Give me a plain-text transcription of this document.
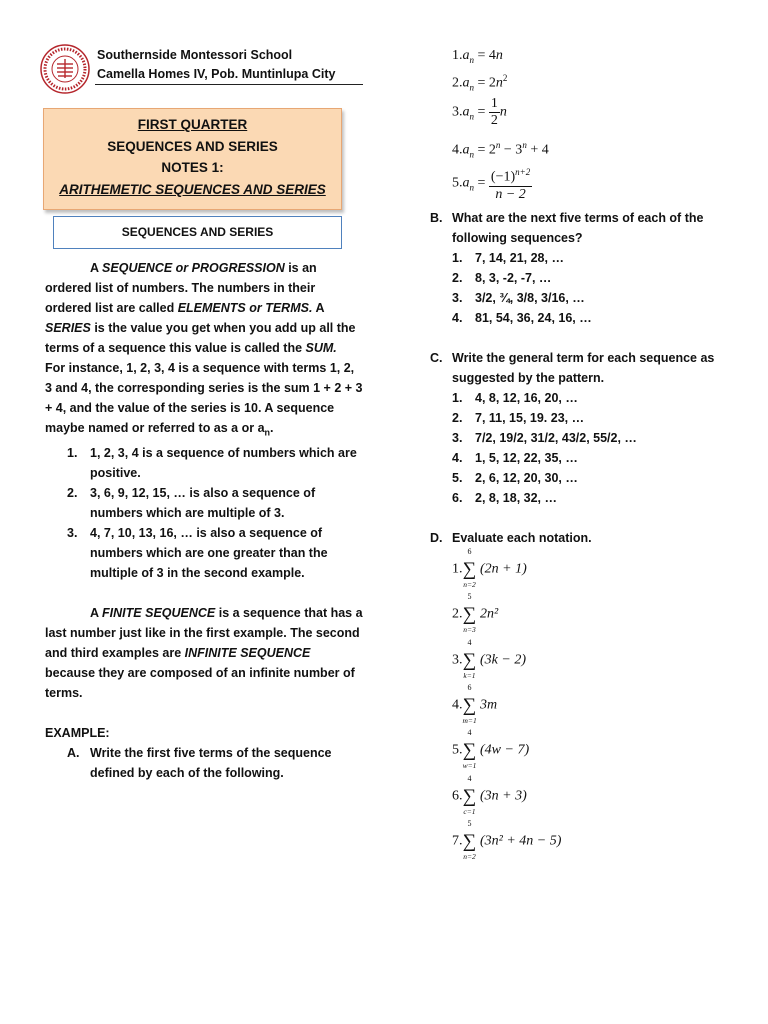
Southernside Montessori School
Camella Homes IV, Pob. Muntinlupa City
FIRST QUARTER
SEQUENCES AND SERIES
NOTES 1:
ARITHEMETIC SEQUENCES AND SERIES
SEQUENCES AND SERIES

A SEQUENCE or PROGRESSION is an ordered list of numbers. The numbers in their ordered list are called ELEMENTS or TERMS. A SERIES is the value you get when you add up all the terms of a sequence this value is called the SUM.

For instance, 1, 2, 3, 4 is a sequence with terms 1, 2, 3 and 4, the corresponding series is the sum 1 + 2 + 3 + 4, and the value of the series is 10. A sequence maybe named or referred to as a or $a_n$.

1. 1, 2, 3, 4 is a sequence of numbers which are positive.
2. 3, 6, 9, 12, 15, … is also a sequence of numbers which are multiple of 3.
3. 4, 7, 10, 13, 16, … is also a sequence of numbers which are one greater than the multiple of 3 in the second example.

A FINITE SEQUENCE is a sequence that has a last number just like in the first example. The second and third examples are INFINITE SEQUENCE because they are composed of an infinite number of terms.

EXAMPLE:

A. Write the first five terms of the sequence defined by each of the following.
$1.a_n = 4n$
$2.a_n = 2n^2$
$3.a_n = \frac{1}{2}$ n
$4.a_n = 2^n - 3^n + 4$
$5.a_n = \frac{(-1)^{n+2}}{n - 2}$
B. What are the next five terms of each of the following sequences?
1. 7, 14, 21, 28, …
2. 8, 3, -2, -7, …
3. 3/2, ¾, 3/8, 3/16, …
4. 81, 54, 36, 24, 16, …
C. Write the general term for each sequence as suggested by the pattern.
1. 4, 8, 12, 16, 20, …
2. 7, 11, 15, 19. 23, …
3. 7/2, 19/2, 31/2, 43/2, 55/2, …
4. 1, 5, 12, 22, 35, …
5. 2, 6, 12, 20, 30, …
6. 2, 8, 18, 32, …
D. Evaluate each notation.
1.
6
∑
n=2
(2n + 1)
2.
5
∑
n=3
2n²
3.
4
∑
k=1
(3k − 2)
4.
6
∑
m=1
3m
5.
4
∑
w=1
(4w − 7)
6.
4
∑
c=1
(3n + 3)
7.
5
∑
n=2
(3n² + 4n − 5)
